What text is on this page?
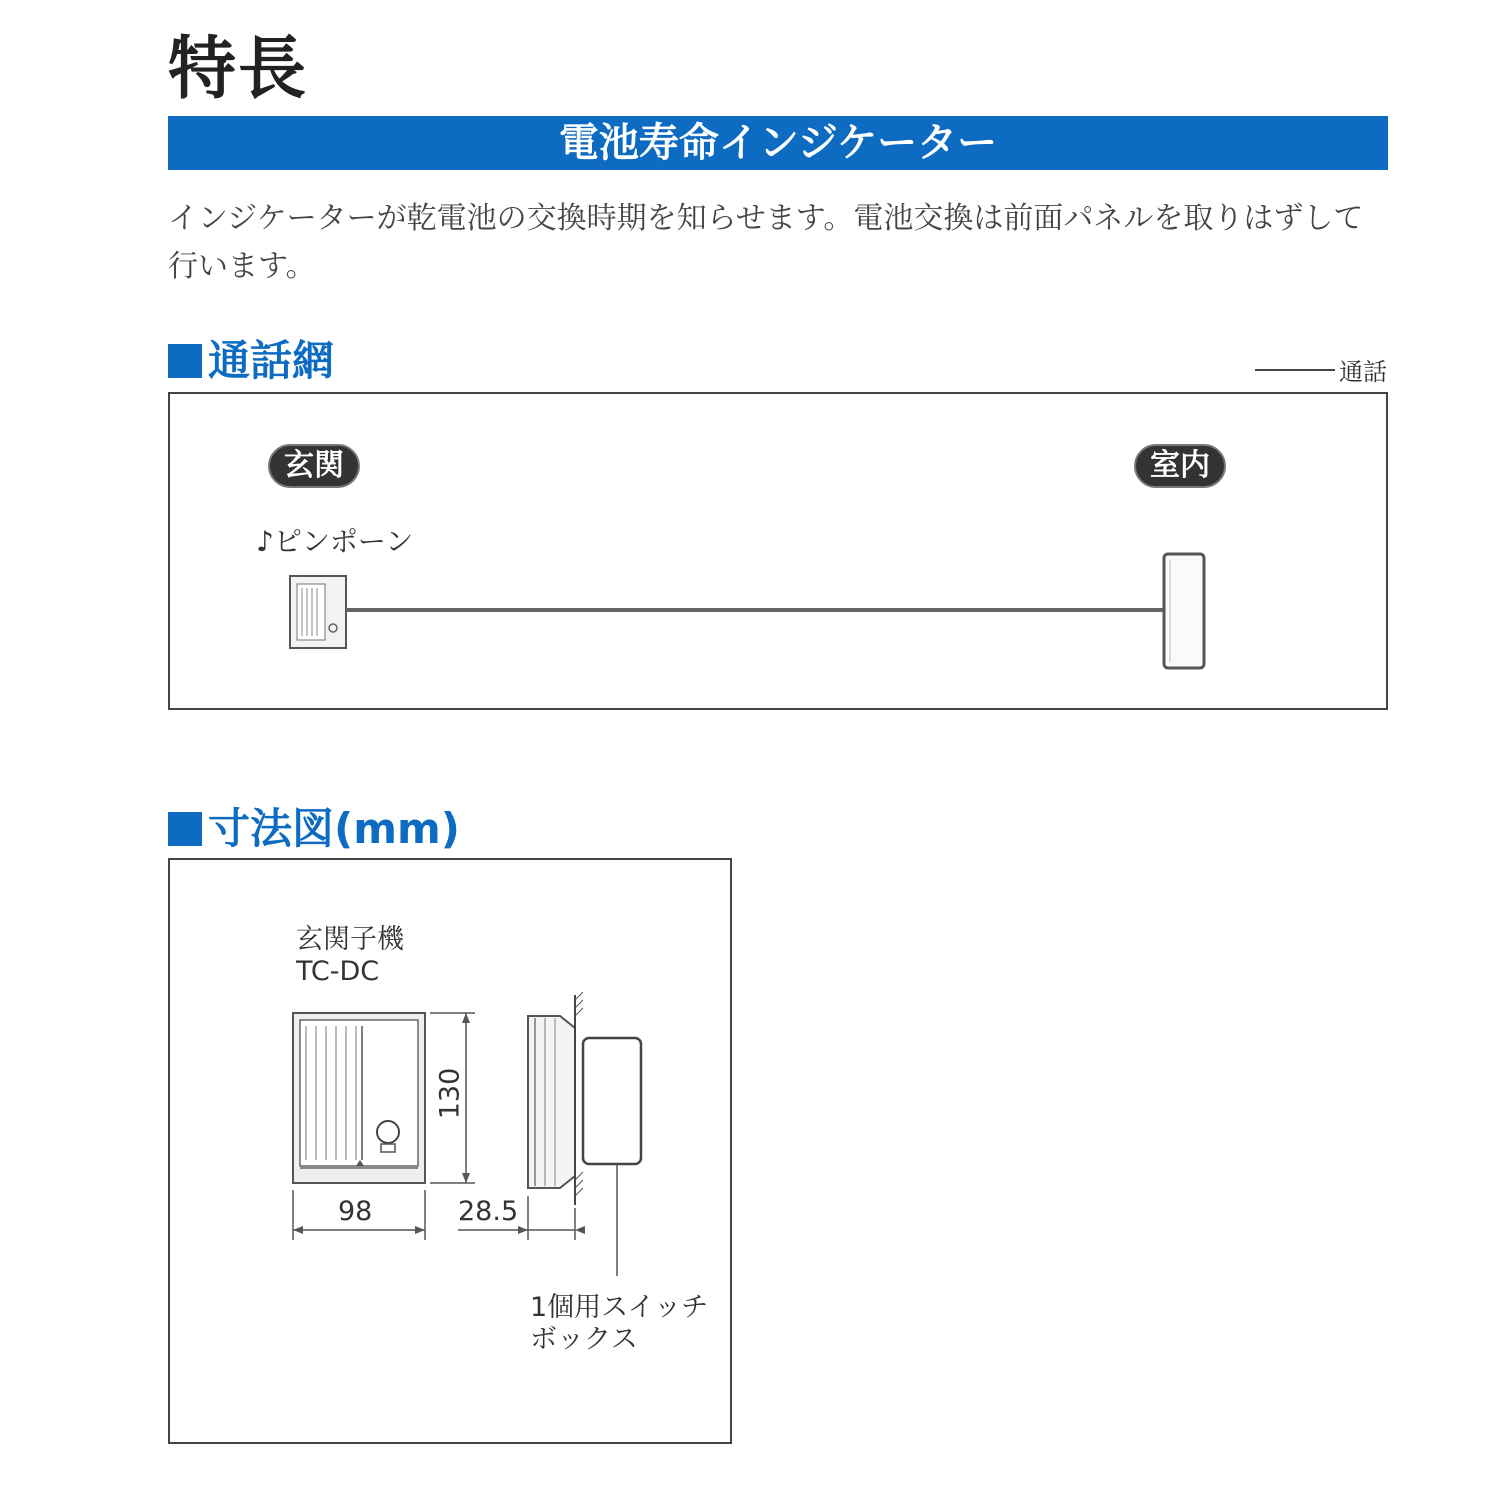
特長
電池寿命インジケーター
インジケーターが乾電池の交換時期を知らせます。電池交換は前面パネルを取りはずして行います。
通話網	通話
玄関	室内
♪ピンポーン
寸法図(mm)
玄関子機
TC-DC
130
98	28.5
1個用スイッチ
ボックス
